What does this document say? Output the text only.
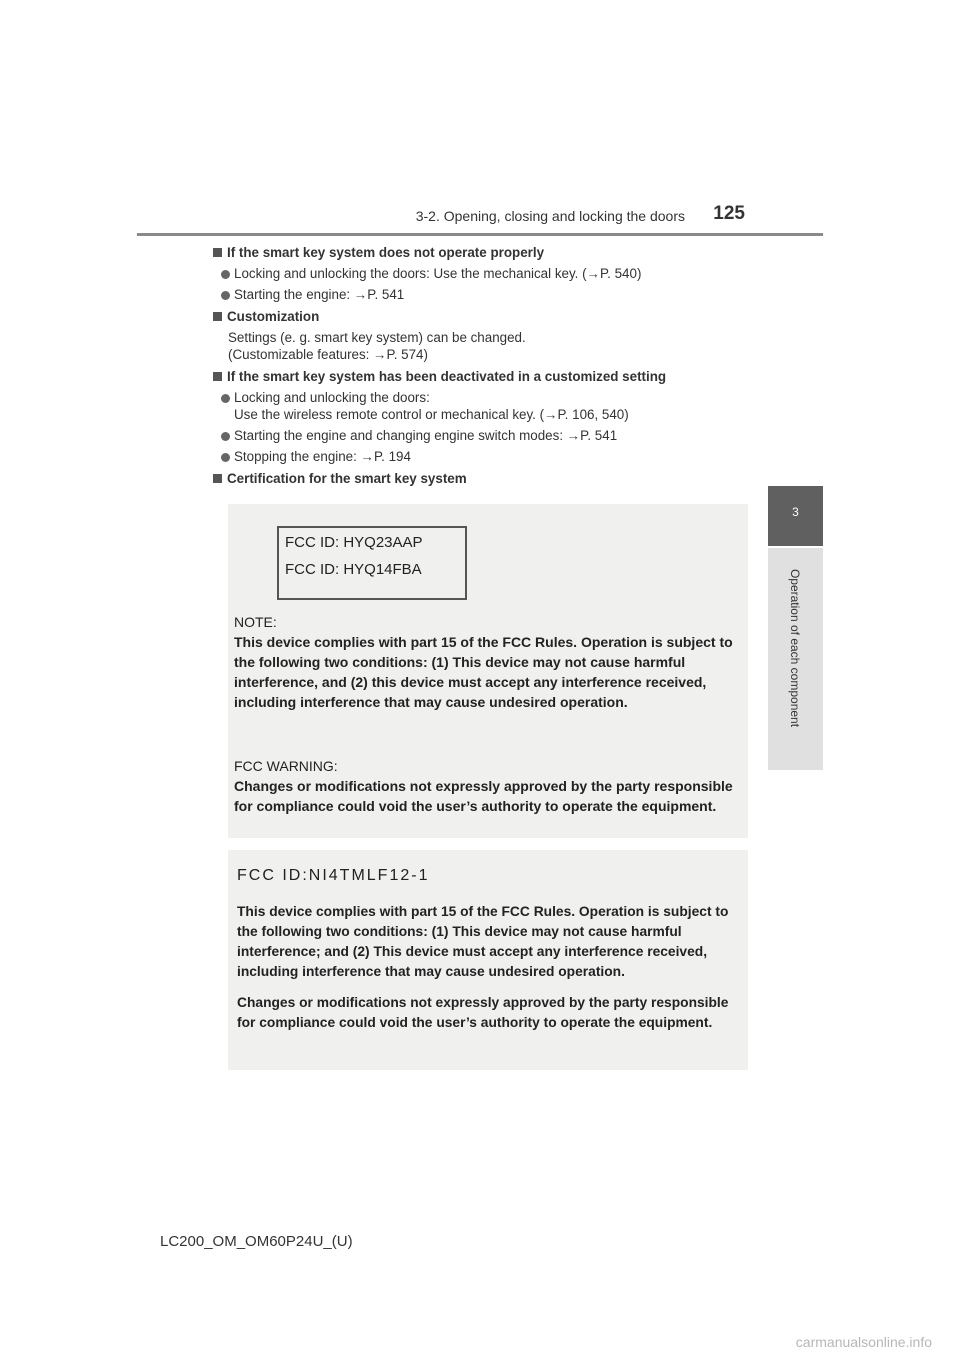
3-2. Opening, closing and locking the doors 125
3
Operation of each component

If the smart key system does not operate properly

Locking and unlocking the doors: Use the mechanical key. (→P. 540)
Starting the engine: →P. 541

Customization

Settings (e. g. smart key system) can be changed.
(Customizable features: →P. 574)

If the smart key system has been deactivated in a customized setting

Locking and unlocking the doors:
Use the wireless remote control or mechanical key. (→P. 106, 540)
Starting the engine and changing engine switch modes: →P. 541
Stopping the engine: →P. 194

Certification for the smart key system

FCC ID: HYQ23AAP
FCC ID: HYQ14FBA
NOTE:
This device complies with part 15 of the FCC Rules. Operation is subject to the following two conditions: (1) This device may not cause harmful interference, and (2) this device must accept any interference received, including interference that may cause undesired operation.
FCC WARNING:
Changes or modifications not expressly approved by the party responsible for compliance could void the user’s authority to operate the equipment.
FCC ID:NI4TMLF12-1
This device complies with part 15 of the FCC Rules. Operation is subject to the following two conditions: (1) This device may not cause harmful interference; and (2) This device must accept any interference received, including interference that may cause undesired operation.
Changes or modifications not expressly approved by the party responsible for compliance could void the user’s authority to operate the equipment.
LC200_OM_OM60P24U_(U)
carmanualsonline.info
